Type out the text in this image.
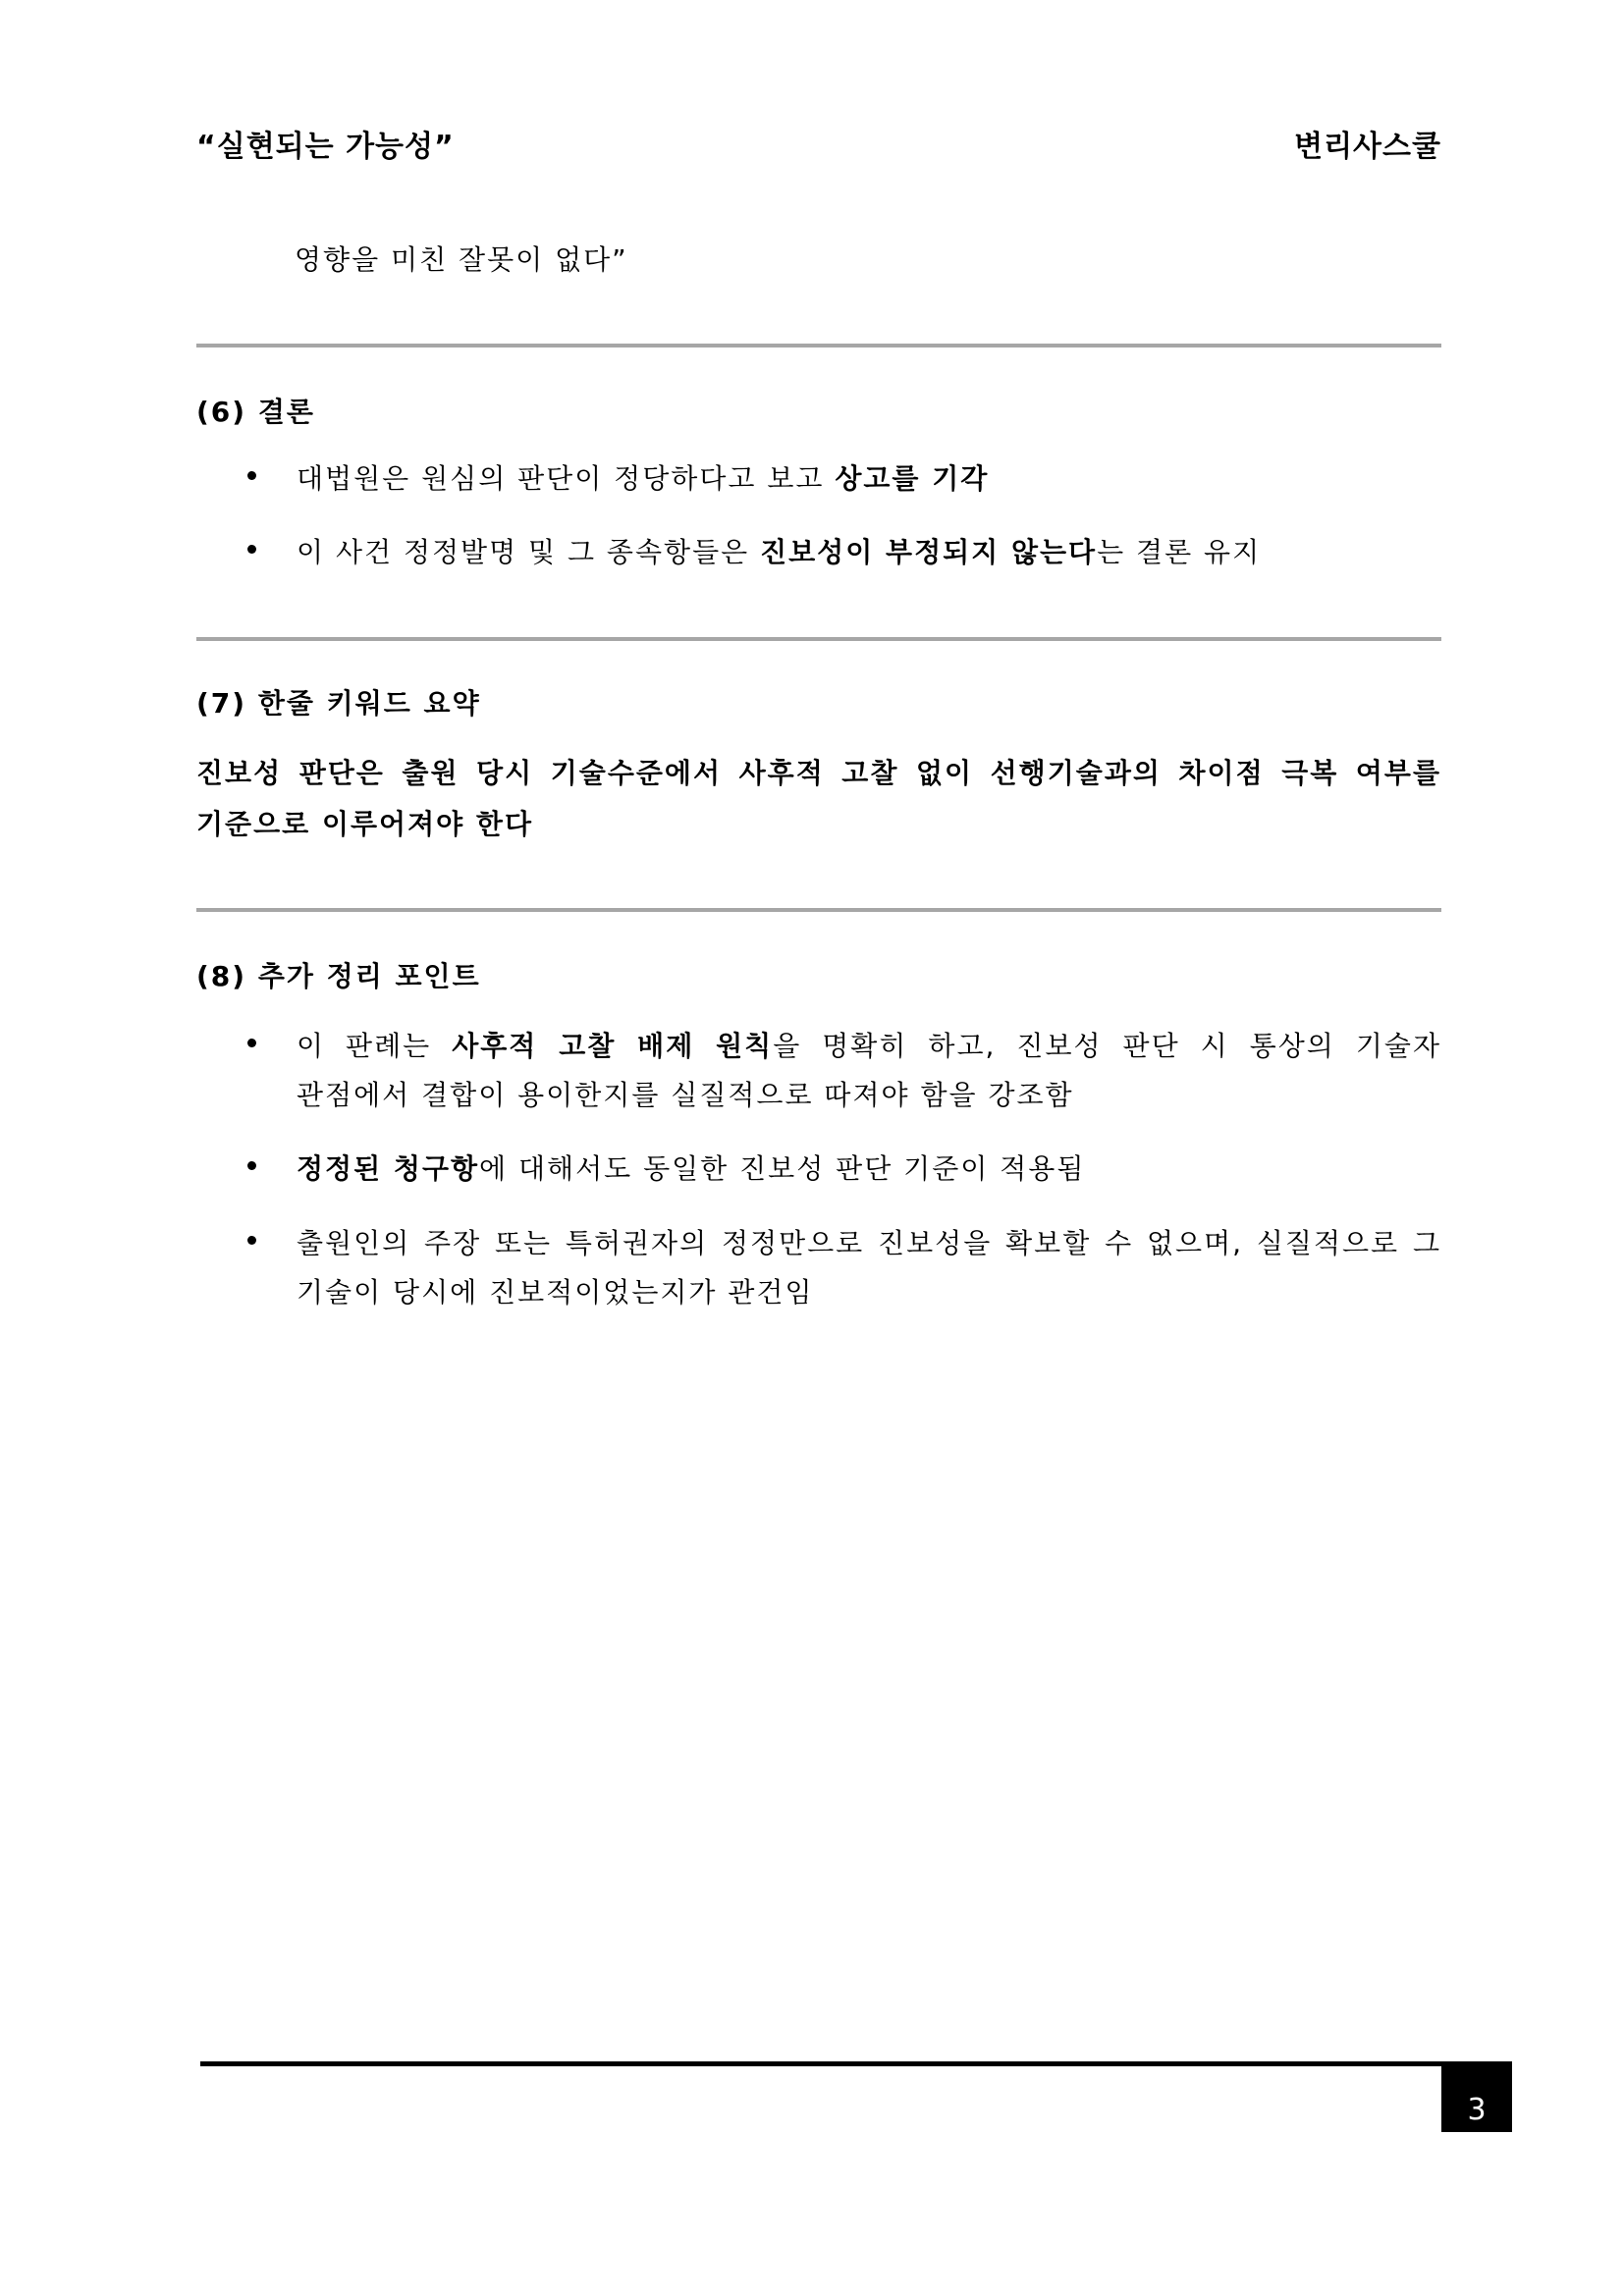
“실현되는 가능성”	변리사스쿨
영향을 미친 잘못이 없다”
(6) 결론
대법원은 원심의 판단이 정당하다고 보고 상고를 기각
이 사건 정정발명 및 그 종속항들은 진보성이 부정되지 않는다는 결론 유지
(7) 한줄 키워드 요약
진보성 판단은 출원 당시 기술수준에서 사후적 고찰 없이 선행기술과의 차이점 극복 여부를 기준으로 이루어져야 한다
(8) 추가 정리 포인트
이 판례는 사후적 고찰 배제 원칙을 명확히 하고, 진보성 판단 시 통상의 기술자 관점에서 결합이 용이한지를 실질적으로 따져야 함을 강조함
정정된 청구항에 대해서도 동일한 진보성 판단 기준이 적용됨
출원인의 주장 또는 특허권자의 정정만으로 진보성을 확보할 수 없으며, 실질적으로 그 기술이 당시에 진보적이었는지가 관건임
3
